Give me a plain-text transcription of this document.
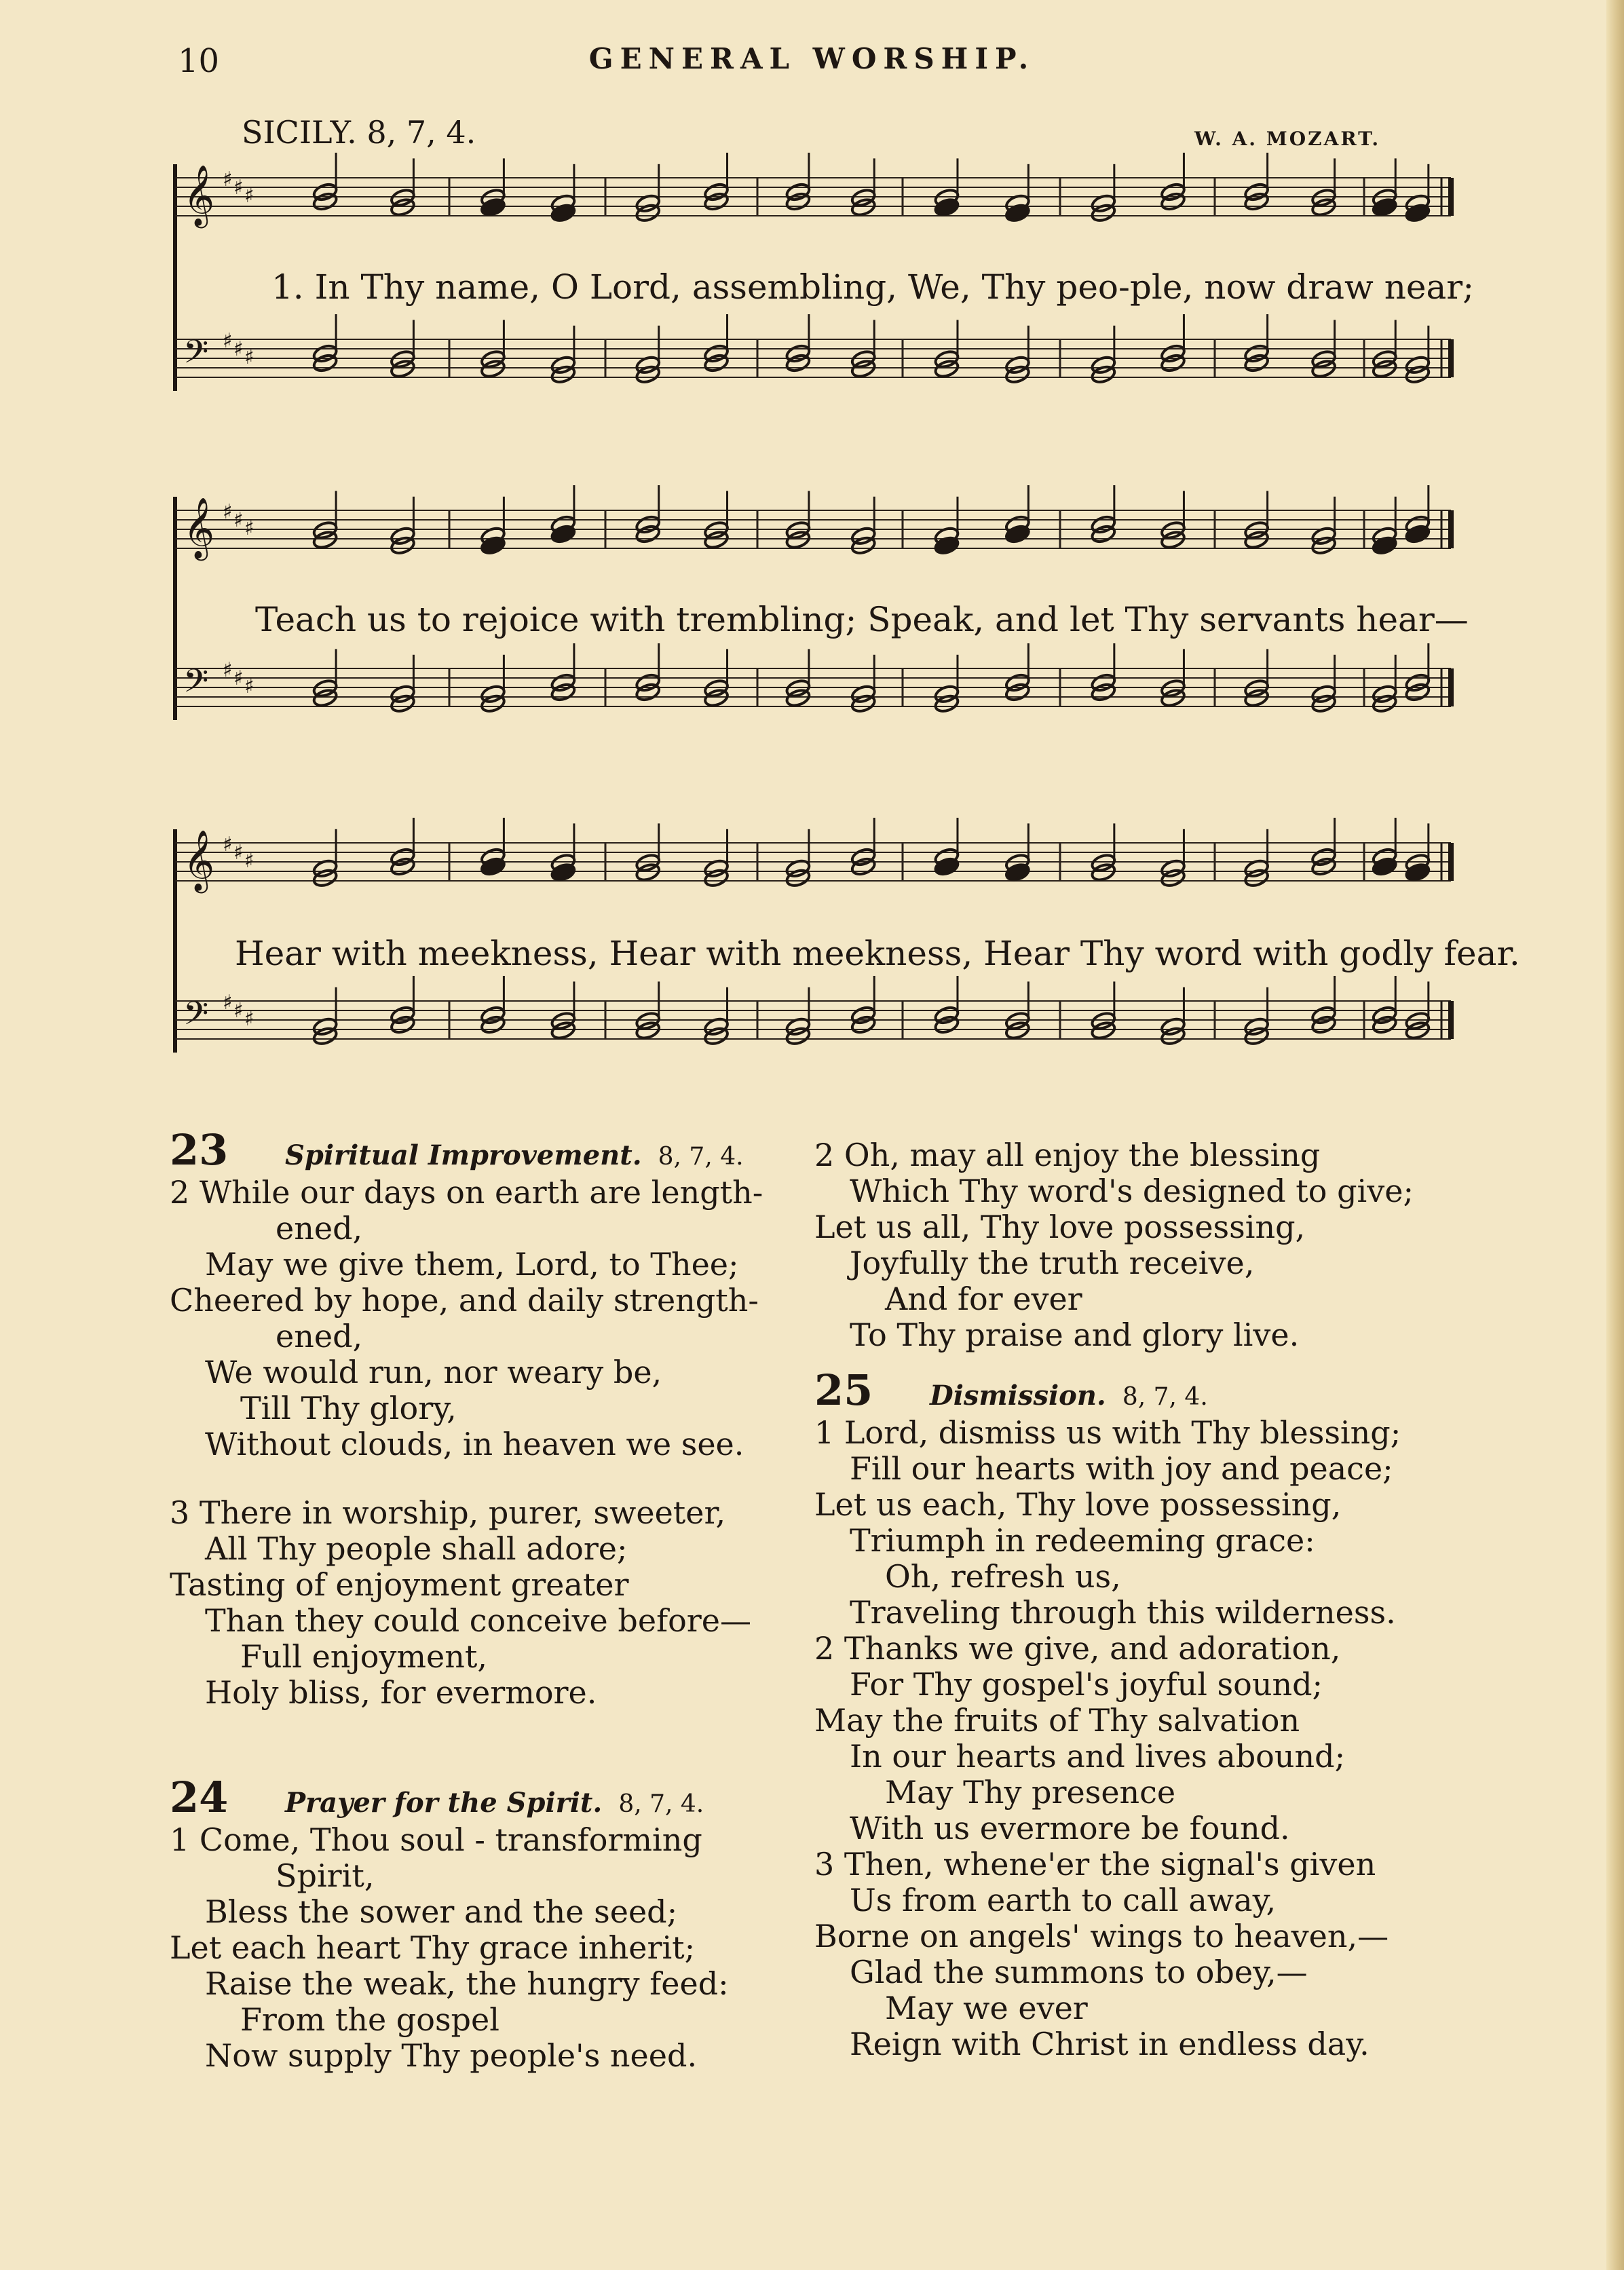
10	GENERAL WORSHIP.
SICILY. 8, 7, 4.	W. A. MOZART.
𝄞 ♯ ♯ ♯
𝄢 ♯ ♯ ♯
𝄞 ♯ ♯ ♯
𝄢 ♯ ♯ ♯
𝄞 ♯ ♯ ♯
𝄢 ♯ ♯ ♯
1. In Thy name, O Lord, assembling, We, Thy peo-ple, now draw near;
Teach us to rejoice with trembling; Speak, and let Thy servants hear—
Hear with meekness, Hear with meekness, Hear Thy word with godly fear.
23	Spiritual Improvement. 8, 7, 4.
2 While our days on earth are length-
ened,
May we give them, Lord, to Thee;
Cheered by hope, and daily strength-
ened,
We would run, nor weary be,
Till Thy glory,
Without clouds, in heaven we see.
3 There in worship, purer, sweeter,
All Thy people shall adore;
Tasting of enjoyment greater
Than they could conceive before—
Full enjoyment,
Holy bliss, for evermore.
24	Prayer for the Spirit. 8, 7, 4.
1 Come, Thou soul - transforming
Spirit,
Bless the sower and the seed;
Let each heart Thy grace inherit;
Raise the weak, the hungry feed:
From the gospel
Now supply Thy people's need.
2 Oh, may all enjoy the blessing
Which Thy word's designed to give;
Let us all, Thy love possessing,
Joyfully the truth receive,
And for ever
To Thy praise and glory live.
25	Dismission. 8, 7, 4.
1 Lord, dismiss us with Thy blessing;
Fill our hearts with joy and peace;
Let us each, Thy love possessing,
Triumph in redeeming grace:
Oh, refresh us,
Traveling through this wilderness.
2 Thanks we give, and adoration,
For Thy gospel's joyful sound;
May the fruits of Thy salvation
In our hearts and lives abound;
May Thy presence
With us evermore be found.
3 Then, whene'er the signal's given
Us from earth to call away,
Borne on angels' wings to heaven,—
Glad the summons to obey,—
May we ever
Reign with Christ in endless day.
